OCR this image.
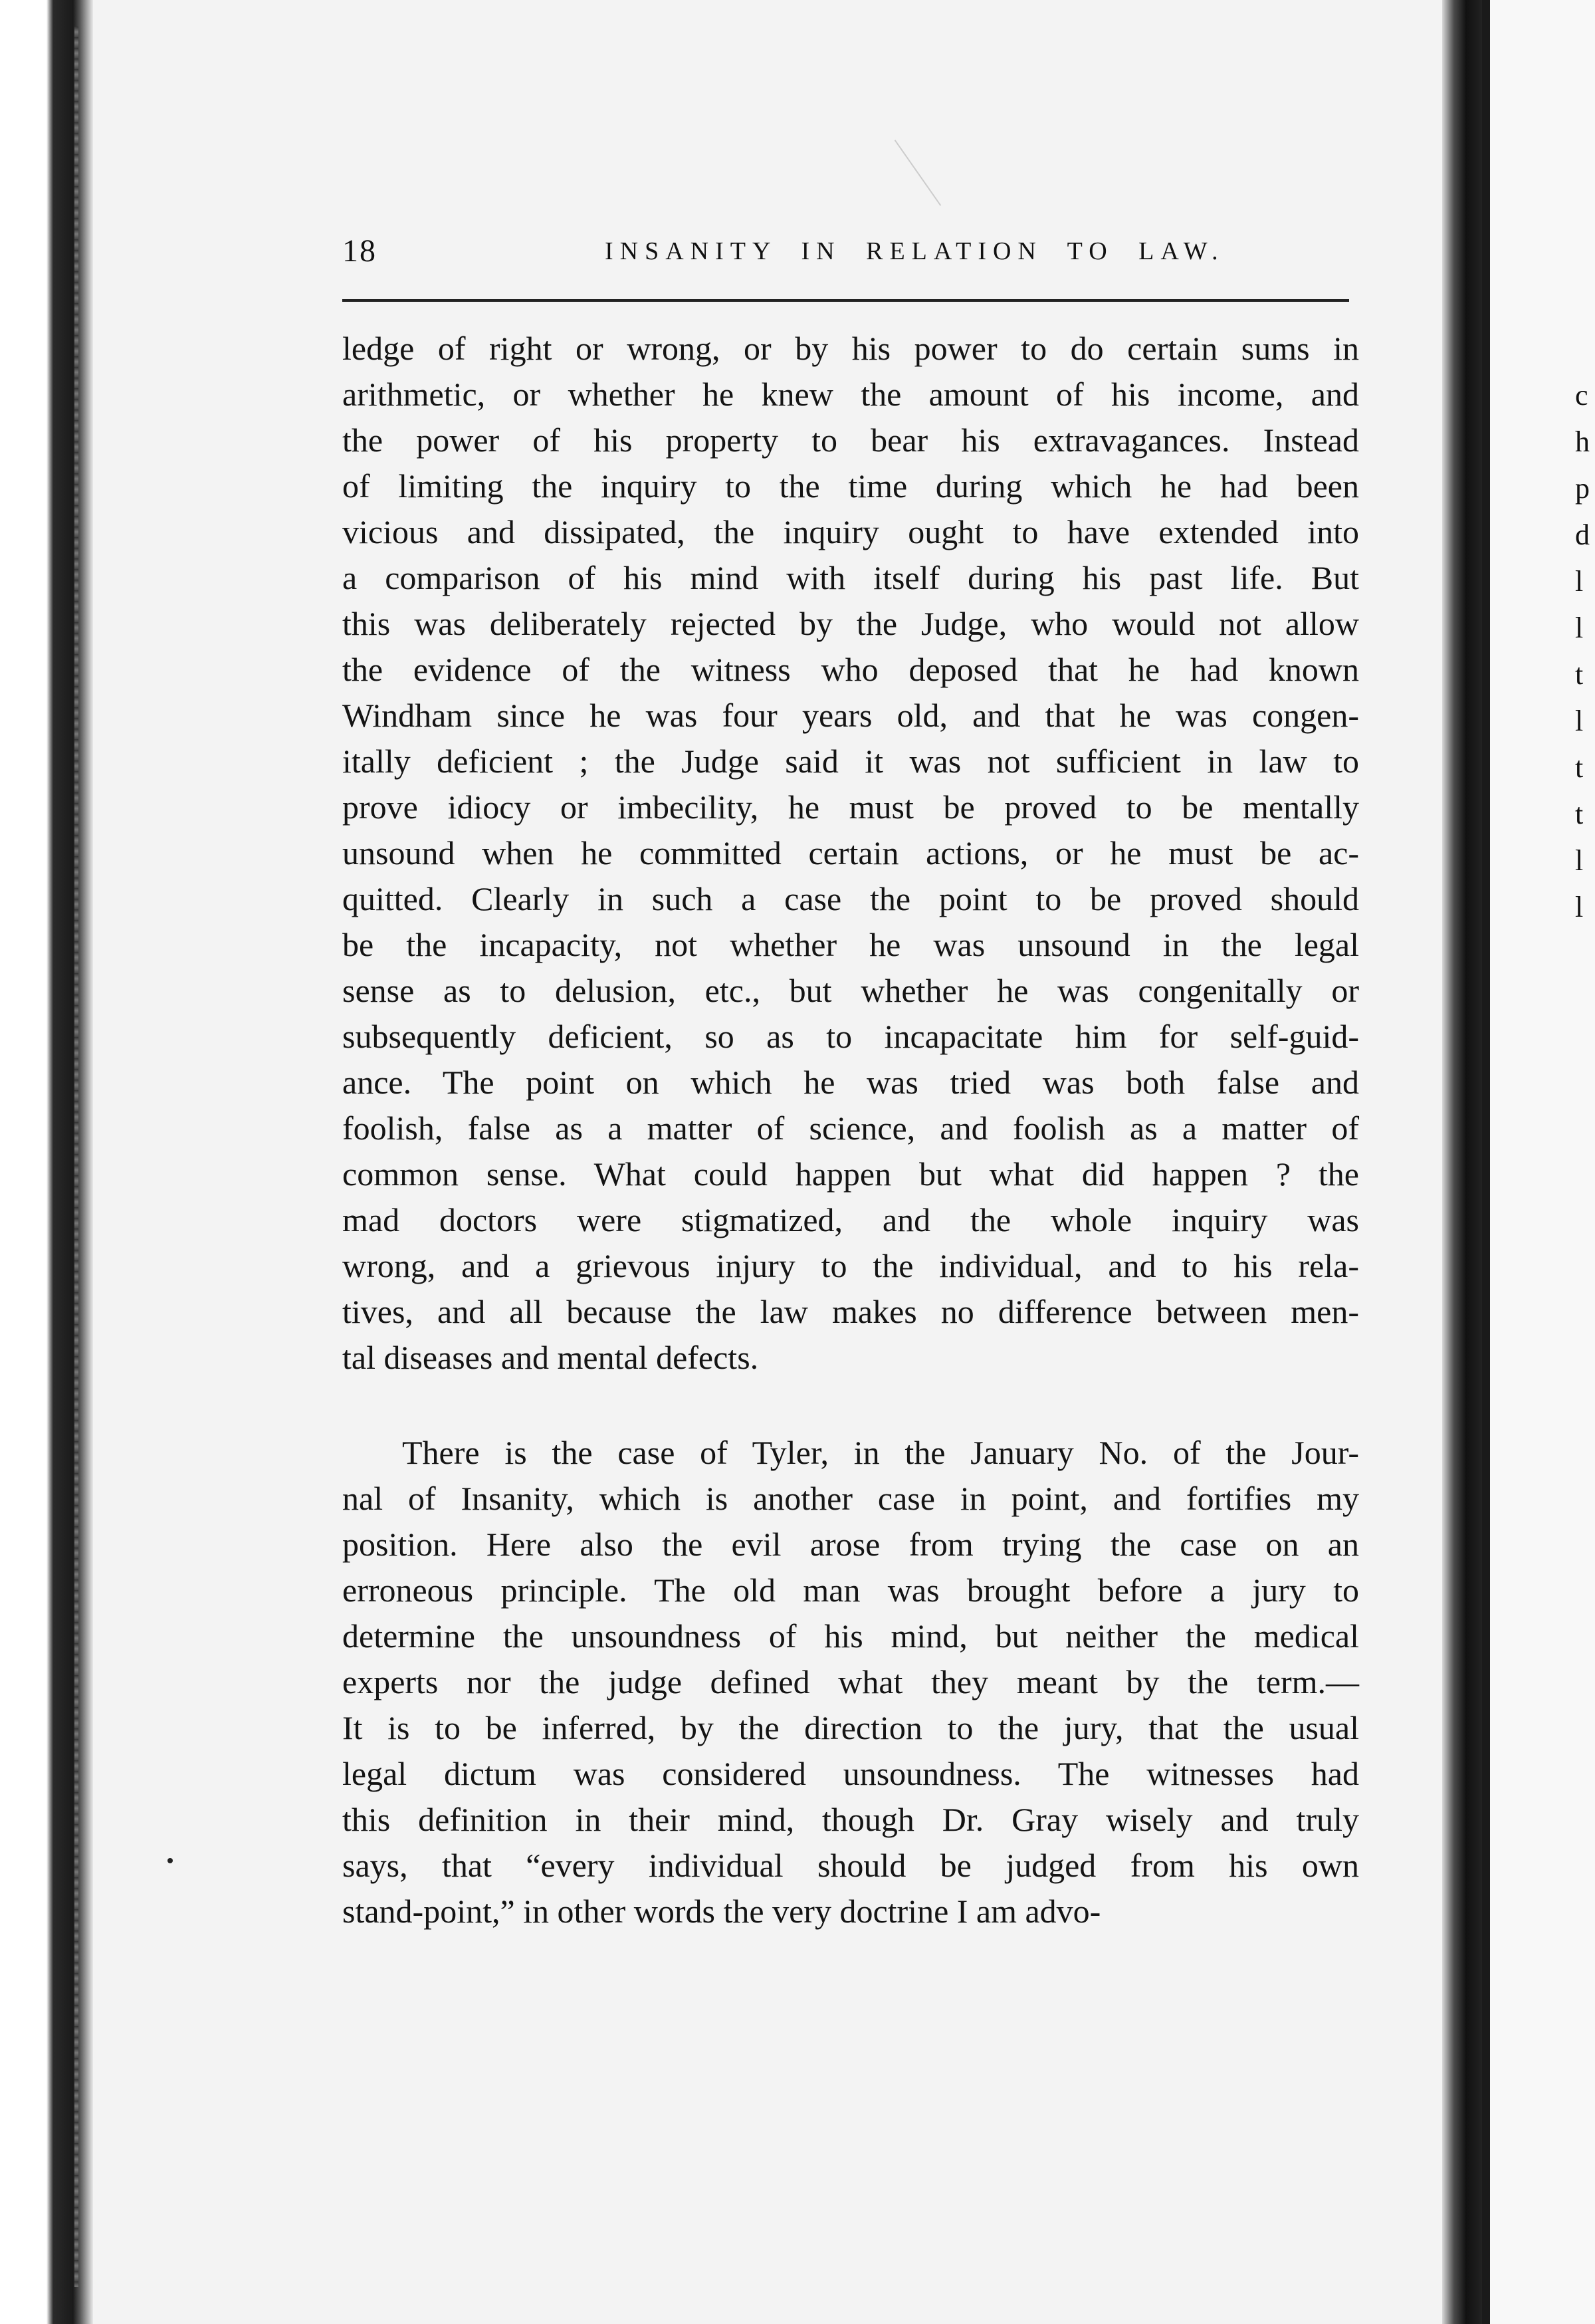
c
h
p
d
l
l
t
l
t
t
l
l
18	INSANITY IN RELATION TO LAW.
ledge of right or wrong, or by his power to do certain sums in
arithmetic, or whether he knew the amount of his income, and
the power of his property to bear his extravagances. Instead
of limiting the inquiry to the time during which he had been
vicious and dissipated, the inquiry ought to have extended into
a comparison of his mind with itself during his past life. But
this was deliberately rejected by the Judge, who would not allow
the evidence of the witness who deposed that he had known
Windham since he was four years old, and that he was congen-
itally deficient ; the Judge said it was not sufficient in law to
prove idiocy or imbecility, he must be proved to be mentally
unsound when he committed certain actions, or he must be ac-
quitted. Clearly in such a case the point to be proved should
be the incapacity, not whether he was unsound in the legal
sense as to delusion, etc., but whether he was congenitally or
subsequently deficient, so as to incapacitate him for self-guid-
ance. The point on which he was tried was both false and
foolish, false as a matter of science, and foolish as a matter of
common sense. What could happen but what did happen ? the
mad doctors were stigmatized, and the whole inquiry was
wrong, and a grievous injury to the individual, and to his rela-
tives, and all because the law makes no difference between men-
tal diseases and mental defects.
There is the case of Tyler, in the January No. of the Jour-
nal of Insanity, which is another case in point, and fortifies my
position. Here also the evil arose from trying the case on an
erroneous principle. The old man was brought before a jury to
determine the unsoundness of his mind, but neither the medical
experts nor the judge defined what they meant by the term.—
It is to be inferred, by the direction to the jury, that the usual
legal dictum was considered unsoundness. The witnesses had
this definition in their mind, though Dr. Gray wisely and truly
says, that “every individual should be judged from his own
stand-point,” in other words the very doctrine I am advo-
